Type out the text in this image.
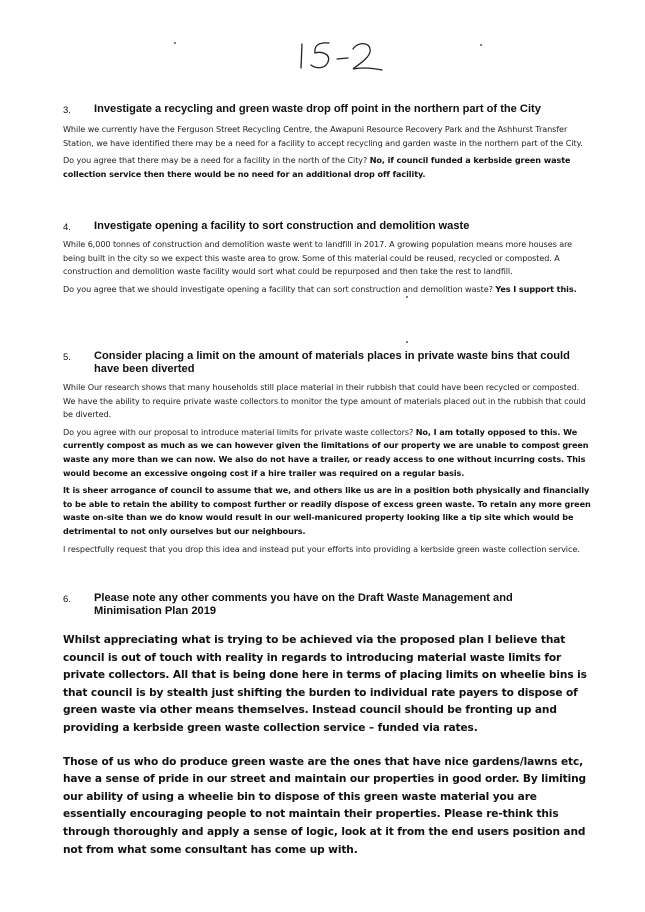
3. Investigate a recycling and green waste drop off point in the northern part of the City

While we currently have the Ferguson Street Recycling Centre, the Awapuni Resource Recovery Park and the Ashhurst Transfer Station, we have identified there may be a need for a facility to accept recycling and garden waste in the northern part of the City.

Do you agree that there may be a need for a facility in the north of the City? No, if council funded a kerbside green waste collection service then there would be no need for an additional drop off facility.

4. Investigate opening a facility to sort construction and demolition waste

While 6,000 tonnes of construction and demolition waste went to landfill in 2017. A growing population means more houses are being built in the city so we expect this waste area to grow. Some of this material could be reused, recycled or composted. A construction and demolition waste facility would sort what could be repurposed and then take the rest to landfill.

Do you agree that we should investigate opening a facility that can sort construction and demolition waste? Yes I support this.

5. Consider placing a limit on the amount of materials places in private waste bins that could have been diverted

While Our research shows that many households still place material in their rubbish that could have been recycled or composted. We have the ability to require private waste collectors to monitor the type amount of materials placed out in the rubbish that could be diverted.

Do you agree with our proposal to introduce material limits for private waste collectors? No, I am totally opposed to this. We currently compost as much as we can however given the limitations of our property we are unable to compost green waste any more than we can now. We also do not have a trailer, or ready access to one without incurring costs. This would become an excessive ongoing cost if a hire trailer was required on a regular basis.

It is sheer arrogance of council to assume that we, and others like us are in a position both physically and financially to be able to retain the ability to compost further or readily dispose of excess green waste. To retain any more green waste on-site than we do know would result in our well-manicured property looking like a tip site which would be detrimental to not only ourselves but our neighbours.

I respectfully request that you drop this idea and instead put your efforts into providing a kerbside green waste collection service.

6. Please note any other comments you have on the Draft Waste Management and Minimisation Plan 2019

Whilst appreciating what is trying to be achieved via the proposed plan I believe that council is out of touch with reality in regards to introducing material waste limits for private collectors. All that is being done here in terms of placing limits on wheelie bins is that council is by stealth just shifting the burden to individual rate payers to dispose of green waste via other means themselves. Instead council should be fronting up and providing a kerbside green waste collection service – funded via rates.

Those of us who do produce green waste are the ones that have nice gardens/lawns etc, have a sense of pride in our street and maintain our properties in good order. By limiting our ability of using a wheelie bin to dispose of this green waste material you are essentially encouraging people to not maintain their properties. Please re-think this through thoroughly and apply a sense of logic, look at it from the end users position and not from what some consultant has come up with.
